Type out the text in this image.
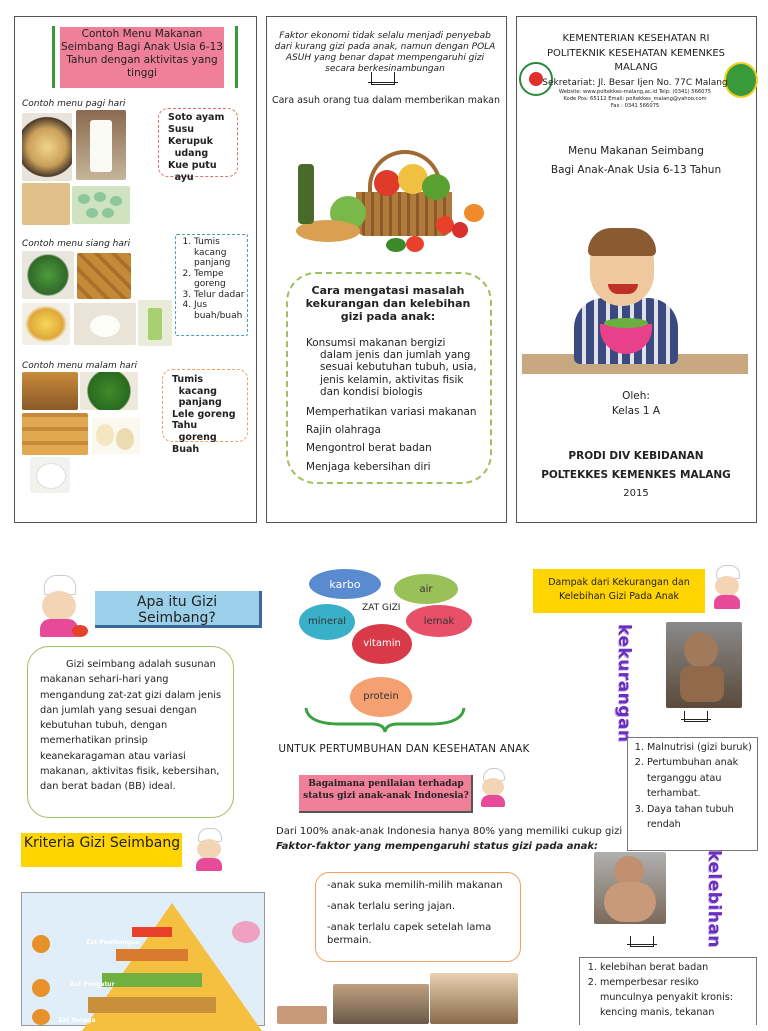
Contoh Menu Makanan Seimbang Bagi Anak Usia 6-13 Tahun dengan aktivitas yang tinggi
Contoh menu pagi hari
Soto ayam
Susu
Kerupuk
udang
Kue putu
ayu
Contoh menu siang hari
1.	Tumis kacang panjang
2. Tempe goreng
3. Telur dadar
4. Jus buah/buah
Contoh menu malam hari
Tumis
kacang
panjang
Lele goreng
Tahu
goreng
Buah
Faktor ekonomi tidak selalu menjadi penyebab dari kurang gizi pada anak, namun dengan POLA ASUH yang benar dapat mempengaruhi gizi secara berkesinambungan
Cara asuh orang tua dalam memberikan makan
Cara mengatasi masalah kekurangan dan kelebihan gizi pada anak:
Konsumsi makanan bergizi dalam jenis dan jumlah yang sesuai kebutuhan tubuh, usia, jenis kelamin, aktivitas fisik dan kondisi biologis
Memperhatikan variasi makanan
Rajin olahraga
Mengontrol berat badan
Menjaga kebersihan diri
KEMENTERIAN KESEHATAN RI
POLITEKNIK KESEHATAN KEMENKES MALANG
Sekretariat: Jl. Besar Ijen No. 77C Malang
Website: www.poltekkes-malang.ac.id Telp: (0341) 566075
Kode Pos: 65112 Email: poltekkes_malang@yahoo.com
Fax : 0341 566075
Menu Makanan Seimbang
Bagi Anak-Anak Usia 6-13 Tahun
Oleh:
Kelas 1 A
PRODI DIV KEBIDANAN
POLTEKKES KEMENKES MALANG
2015
Apa itu Gizi Seimbang?
Gizi seimbang adalah susunan makanan sehari-hari yang mengandung zat-zat gizi dalam jenis dan jumlah yang sesuai dengan kebutuhan tubuh, dengan memerhatikan prinsip keanekaragaman atau variasi makanan, aktivitas fisik, kebersihan, dan berat badan (BB) ideal.
Kriteria Gizi Seimbang
Zat Pembangun
Zat Pengatur
Zat Tenaga
karbo	air
mineral
ZAT GIZI
lemak
vitamin
protein
UNTUK PERTUMBUHAN DAN KESEHATAN ANAK
Bagaimana penilaian terhadap status gizi anak-anak Indonesia?
Dari 100% anak-anak Indonesia hanya 80% yang memiliki cukup gizi
Faktor-faktor yang mempengaruhi status gizi pada anak:
-anak suka memilih-milih makanan
-anak terlalu sering jajan.
-anak terlalu capek setelah lama bermain.
Dampak dari Kekurangan dan Kelebihan Gizi Pada Anak
kekurangan
1. Malnutrisi (gizi buruk)
2. Pertumbuhan anak terganggu atau terhambat.
3. Daya tahan tubuh rendah
kelebihan
1. kelebihan berat badan
2. memperbesar resiko munculnya penyakit kronis: kencing manis, tekanan
